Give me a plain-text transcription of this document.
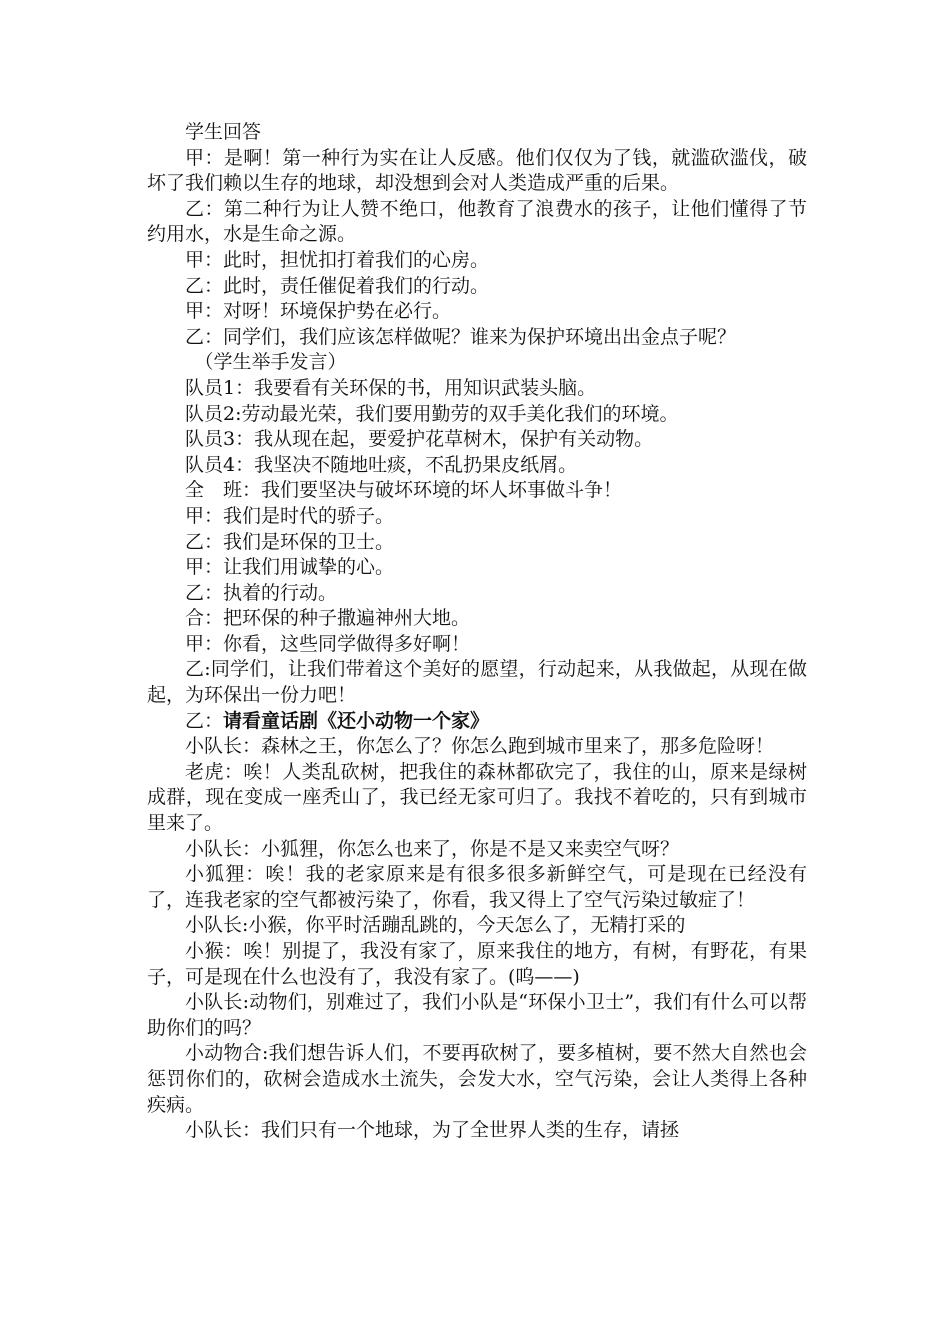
学生回答

甲：是啊！第一种行为实在让人反感。他们仅仅为了钱，就滥砍滥伐，破坏了我们赖以生存的地球，却没想到会对人类造成严重的后果。

乙：第二种行为让人赞不绝口，他教育了浪费水的孩子，让他们懂得了节约用水，水是生命之源。

甲：此时，担忧扣打着我们的心房。

乙：此时，责任催促着我们的行动。

甲：对呀！环境保护势在必行。

乙：同学们，我们应该怎样做呢？谁来为保护环境出出金点子呢？

（学生举手发言）

队员1：我要看有关环保的书，用知识武装头脑。

队员2:劳动最光荣，我们要用勤劳的双手美化我们的环境。

队员3：我从现在起，要爱护花草树木，保护有关动物。

队员4：我坚决不随地吐痰，不乱扔果皮纸屑。

全　班：我们要坚决与破坏环境的坏人坏事做斗争！

甲：我们是时代的骄子。

乙：我们是环保的卫士。

甲：让我们用诚挚的心。

乙：执着的行动。

合：把环保的种子撒遍神州大地。

甲：你看，这些同学做得多好啊！

乙:同学们，让我们带着这个美好的愿望，行动起来，从我做起，从现在做起，为环保出一份力吧！

乙：请看童话剧《还小动物一个家》

小队长：森林之王，你怎么了？你怎么跑到城市里来了，那多危险呀！

老虎：唉！人类乱砍树，把我住的森林都砍完了，我住的山，原来是绿树成群，现在变成一座秃山了，我已经无家可归了。我找不着吃的，只有到城市 里来了。

小队长：小狐狸，你怎么也来了，你是不是又来卖空气呀？

小狐狸：唉！我的老家原来是有很多很多新鲜空气，可是现在已经没有了，连我老家的空气都被污染了，你看，我又得上了空气污染过敏症了！

小队长:小猴，你平时活蹦乱跳的，今天怎么了，无精打采的

小猴：唉！别提了，我没有家了，原来我住的地方，有树，有野花，有果子，可是现在什么也没有了，我没有家了。(呜——)

小队长:动物们，别难过了，我们小队是“环保小卫士”，我们有什么可以帮助你们的吗？

小动物合:我们想告诉人们，不要再砍树了，要多植树，要不然大自然也会惩罚你们的，砍树会造成水土流失，会发大水，空气污染，会让人类得上各种疾病。

小队长：我们只有一个地球，为了全世界人类的生存，请拯
